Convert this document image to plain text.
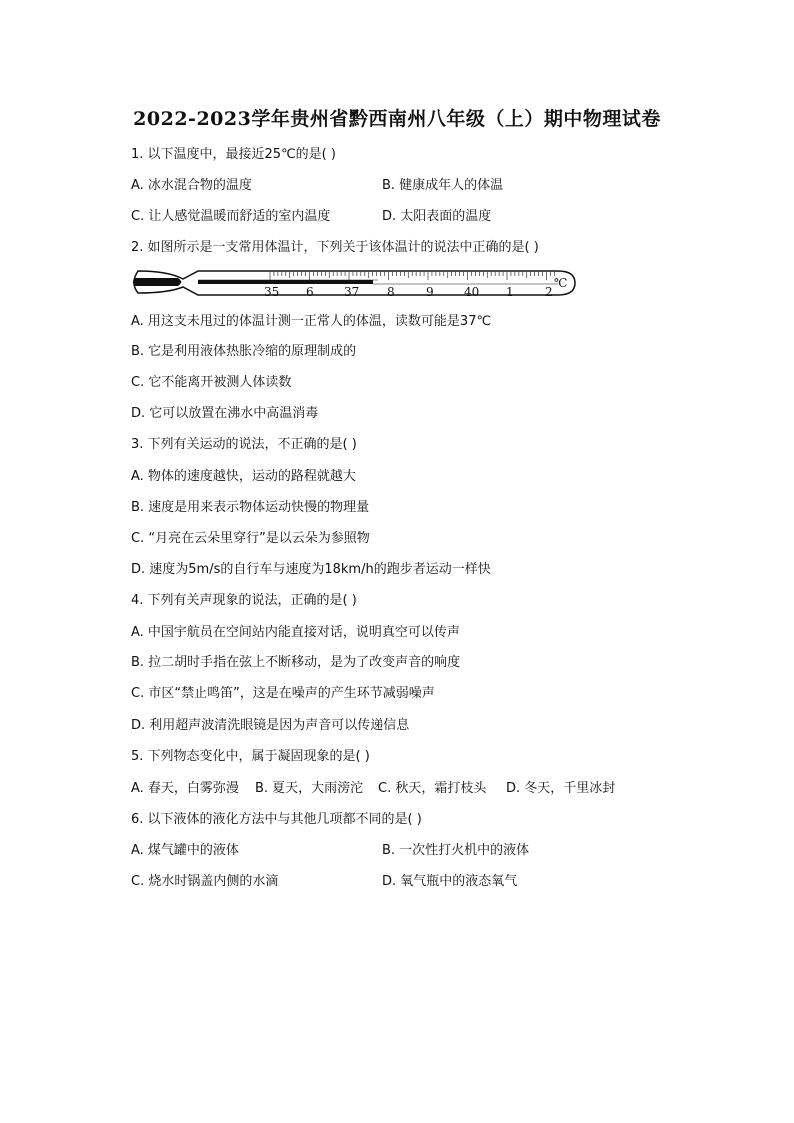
2022-2023学年贵州省黔西南州八年级（上）期中物理试卷
1. 以下温度中，最接近25℃的是( )
A. 冰水混合物的温度	B. 健康成年人的体温
C. 让人感觉温暖而舒适的室内温度	D. 太阳表面的温度
2. 如图所示是一支常用体温计，下列关于该体温计的说法中正确的是( )
35 6	37 8	9	40 1	2
℃
A. 用这支未甩过的体温计测一正常人的体温，读数可能是37℃
B. 它是利用液体热胀冷缩的原理制成的
C. 它不能离开被测人体读数
D. 它可以放置在沸水中高温消毒
3. 下列有关运动的说法，不正确的是( )
A. 物体的速度越快，运动的路程就越大
B. 速度是用来表示物体运动快慢的物理量
C. “月亮在云朵里穿行”是以云朵为参照物
D. 速度为5m/s的自行车与速度为18km/h的跑步者运动一样快
4. 下列有关声现象的说法，正确的是( )
A. 中国宇航员在空间站内能直接对话，说明真空可以传声
B. 拉二胡时手指在弦上不断移动，是为了改变声音的响度
C. 市区“禁止鸣笛”，这是在噪声的产生环节减弱噪声
D. 利用超声波清洗眼镜是因为声音可以传递信息
5. 下列物态变化中，属于凝固现象的是( )
A. 春天，白雾弥漫 B. 夏天，大雨滂沱 C. 秋天，霜打枝头 D. 冬天，千里冰封
6. 以下液体的液化方法中与其他几项都不同的是( )
A. 煤气罐中的液体	B. 一次性打火机中的液体
C. 烧水时锅盖内侧的水滴	D. 氧气瓶中的液态氧气
